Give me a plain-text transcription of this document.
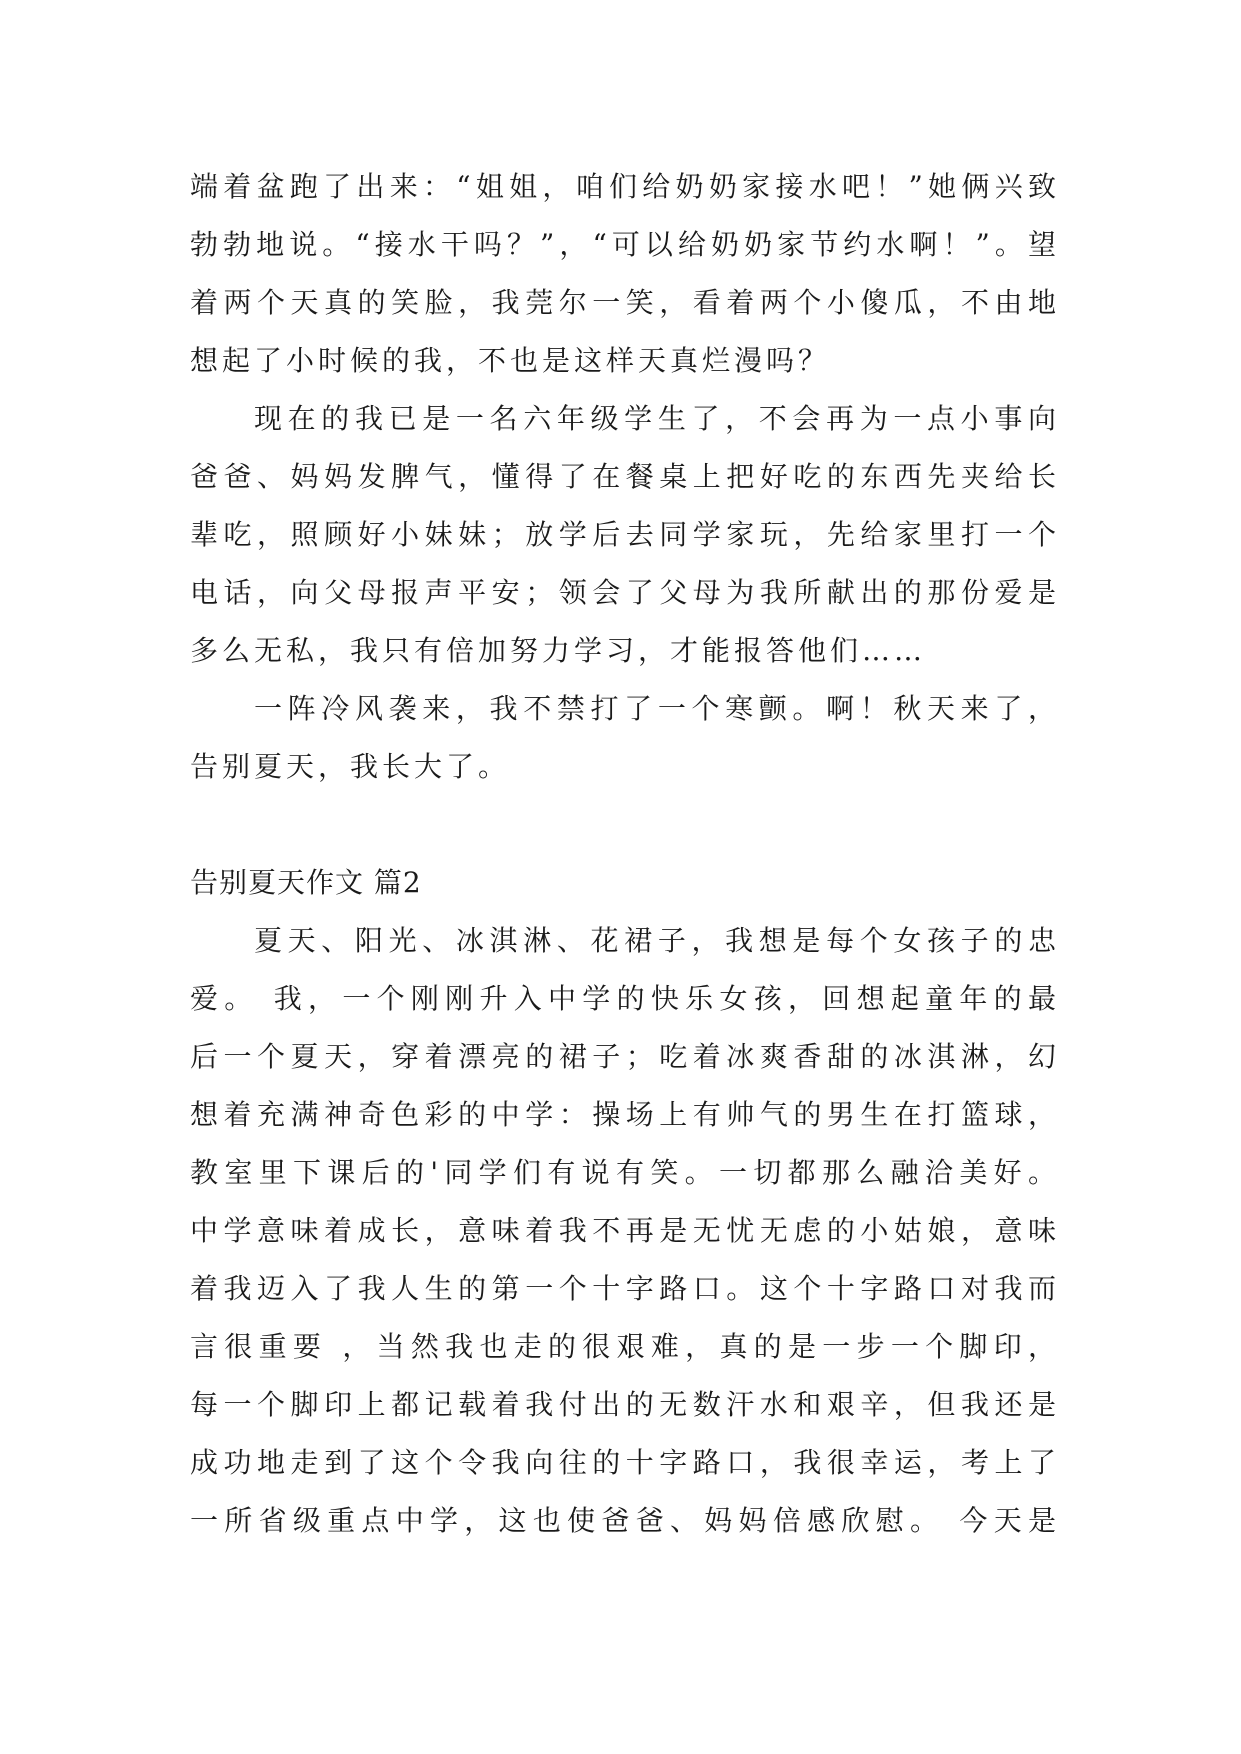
端着盆跑了出来：“姐姐，咱们给奶奶家接水吧！”她俩兴致
勃勃地说。“接水干吗？”，“可以给奶奶家节约水啊！”。望
着两个天真的笑脸，我莞尔一笑，看着两个小傻瓜，不由地
想起了小时候的我，不也是这样天真烂漫吗？
现在的我已是一名六年级学生了，不会再为一点小事向
爸爸、妈妈发脾气，懂得了在餐桌上把好吃的东西先夹给长
辈吃，照顾好小妹妹；放学后去同学家玩，先给家里打一个
电话，向父母报声平安；领会了父母为我所献出的那份爱是
多么无私，我只有倍加努力学习，才能报答他们……
一阵冷风袭来，我不禁打了一个寒颤。啊！秋天来了，
告别夏天，我长大了。
告别夏天作文 篇2
夏天、阳光、冰淇淋、花裙子，我想是每个女孩子的忠
爱。 我，一个刚刚升入中学的快乐女孩，回想起童年的最
后一个夏天，穿着漂亮的裙子；吃着冰爽香甜的冰淇淋，幻
想着充满神奇色彩的中学：操场上有帅气的男生在打篮球，
教室里下课后的'同学们有说有笑。一切都那么融洽美好。
中学意味着成长，意味着我不再是无忧无虑的小姑娘，意味
着我迈入了我人生的第一个十字路口。这个十字路口对我而
言很重要 ，当然我也走的很艰难，真的是一步一个脚印，
每一个脚印上都记载着我付出的无数汗水和艰辛，但我还是
成功地走到了这个令我向往的十字路口，我很幸运，考上了
一所省级重点中学，这也使爸爸、妈妈倍感欣慰。 今天是
